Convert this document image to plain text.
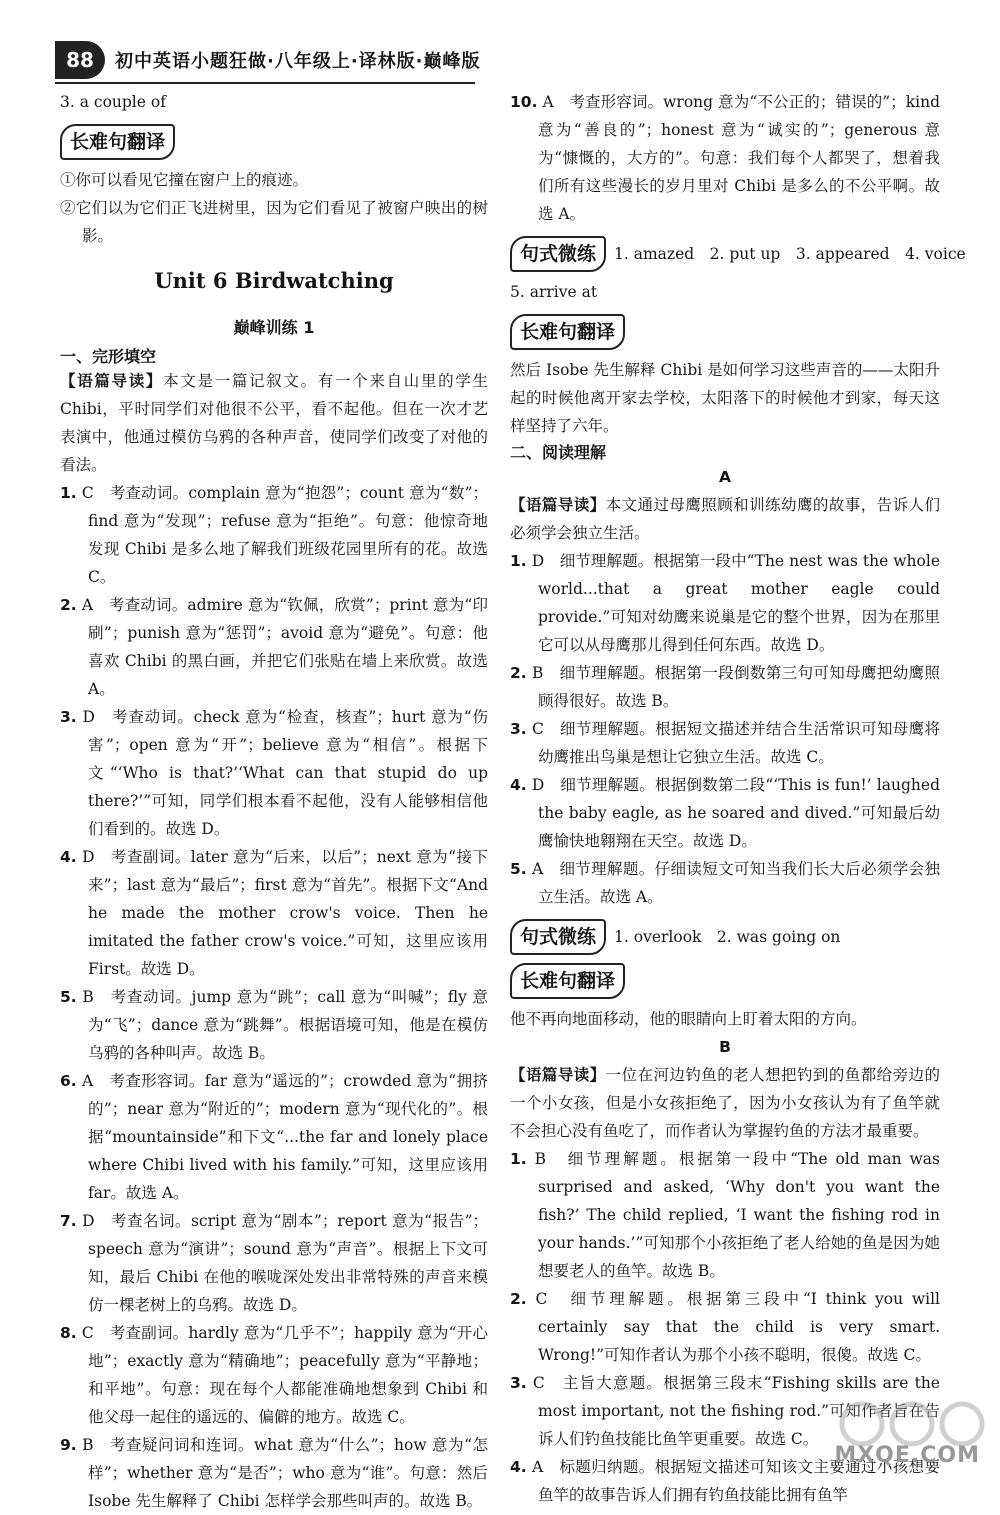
88	初中英语小题狂做·八年级上·译林版·巅峰版

3. a couple of

长难句翻译

①你可以看见它撞在窗户上的痕迹。

②它们以为它们正飞进树里，因为它们看见了被窗户映出的树影。

Unit 6 Birdwatching
巅峰训练 1

一、完形填空

【语篇导读】本文是一篇记叙文。有一个来自山里的学生Chibi，平时同学们对他很不公平，看不起他。但在一次才艺表演中，他通过模仿乌鸦的各种声音，使同学们改变了对他的看法。

1. C　考查动词。complain 意为“抱怨”；count 意为“数”；find 意为“发现”；refuse 意为“拒绝”。句意：他惊奇地发现 Chibi 是多么地了解我们班级花园里所有的花。故选 C。

2. A　考查动词。admire 意为“钦佩，欣赏”；print 意为“印刷”；punish 意为“惩罚”；avoid 意为“避免”。句意：他喜欢 Chibi 的黑白画，并把它们张贴在墙上来欣赏。故选 A。

3. D　考查动词。check 意为“检查，核查”；hurt 意为“伤害”；open 意为“开”；believe 意为“相信”。根据下文“‘Who is that?’‘What can that stupid do up there?’”可知，同学们根本看不起他，没有人能够相信他们看到的。故选 D。

4. D　考查副词。later 意为“后来，以后”；next 意为“接下来”；last 意为“最后”；first 意为“首先”。根据下文“And he made the mother crow's voice. Then he imitated the father crow's voice.”可知，这里应该用 First。故选 D。

5. B　考查动词。jump 意为“跳”；call 意为“叫喊”；fly 意为“飞”；dance 意为“跳舞”。根据语境可知，他是在模仿乌鸦的各种叫声。故选 B。

6. A　考查形容词。far 意为“遥远的”；crowded 意为“拥挤的”；near 意为“附近的”；modern 意为“现代化的”。根据“mountainside”和下文“...the far and lonely place where Chibi lived with his family.”可知，这里应该用 far。故选 A。

7. D　考查名词。script 意为“剧本”；report 意为“报告”；speech 意为“演讲”；sound 意为“声音”。根据上下文可知，最后 Chibi 在他的喉咙深处发出非常特殊的声音来模仿一棵老树上的乌鸦。故选 D。

8. C　考查副词。hardly 意为“几乎不”；happily 意为“开心地”；exactly 意为“精确地”；peacefully 意为“平静地；和平地”。句意：现在每个人都能准确地想象到 Chibi 和他父母一起住的遥远的、偏僻的地方。故选 C。

9. B　考查疑问词和连词。what 意为“什么”；how 意为“怎样”；whether 意为“是否”；who 意为“谁”。句意：然后 Isobe 先生解释了 Chibi 怎样学会那些叫声的。故选 B。

10. A　考查形容词。wrong 意为“不公正的；错误的”；kind 意为“善良的”；honest 意为“诚实的”；generous 意为“慷慨的，大方的”。句意：我们每个人都哭了，想着我们所有这些漫长的岁月里对 Chibi 是多么的不公平啊。故选 A。

句式微练	1. amazed　2. put up　3. appeared　4. voice

5. arrive at

长难句翻译

然后 Isobe 先生解释 Chibi 是如何学习这些声音的——太阳升起的时候他离开家去学校，太阳落下的时候他才到家，每天这样坚持了六年。

二、阅读理解

A

【语篇导读】本文通过母鹰照顾和训练幼鹰的故事，告诉人们必须学会独立生活。

1. D　细节理解题。根据第一段中“The nest was the whole world...that a great mother eagle could provide.”可知对幼鹰来说巢是它的整个世界，因为在那里它可以从母鹰那儿得到任何东西。故选 D。

2. B　细节理解题。根据第一段倒数第三句可知母鹰把幼鹰照顾得很好。故选 B。

3. C　细节理解题。根据短文描述并结合生活常识可知母鹰将幼鹰推出鸟巢是想让它独立生活。故选 C。

4. D　细节理解题。根据倒数第二段“‘This is fun!’ laughed the baby eagle, as he soared and dived.”可知最后幼鹰愉快地翱翔在天空。故选 D。

5. A　细节理解题。仔细读短文可知当我们长大后必须学会独立生活。故选 A。

句式微练	1. overlook　2. was going on
长难句翻译

他不再向地面移动，他的眼睛向上盯着太阳的方向。

B

【语篇导读】一位在河边钓鱼的老人想把钓到的鱼都给旁边的一个小女孩，但是小女孩拒绝了，因为小女孩认为有了鱼竿就不会担心没有鱼吃了，而作者认为掌握钓鱼的方法才最重要。

1. B　细节理解题。根据第一段中“The old man was surprised and asked, ‘Why don't you want the fish?’ The child replied, ‘I want the fishing rod in your hands.’”可知那个小孩拒绝了老人给她的鱼是因为她想要老人的鱼竿。故选 B。

2. C　细节理解题。根据第三段中“I think you will certainly say that the child is very smart. Wrong!”可知作者认为那个小孩不聪明，很傻。故选 C。

3. C　主旨大意题。根据第三段末“Fishing skills are the most important, not the fishing rod.”可知作者旨在告诉人们钓鱼技能比鱼竿更重要。故选 C。

4. A　标题归纳题。根据短文描述可知该文主要通过小孩想要鱼竿的故事告诉人们拥有钓鱼技能比拥有鱼竿

MXQE.COM
